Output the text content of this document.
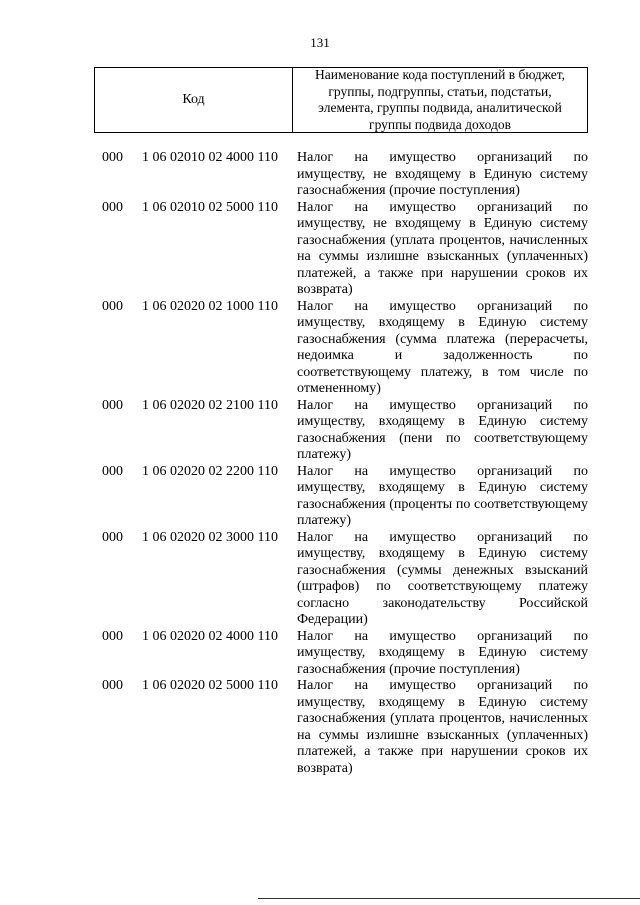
131
Код
Наименование кода поступлений в бюджет, группы, подгруппы, статьи, подстатьи, элемента, группы подвида, аналитической группы подвида доходов
000 1 06 02010 02 4000 110 Налог на имущество организаций по имуществу, не входящему в Единую систему газоснабжения (прочие поступления)
000 1 06 02010 02 5000 110 Налог на имущество организаций по имуществу, не входящему в Единую систему газоснабжения (уплата процентов, начисленных на суммы излишне взысканных (уплаченных) платежей, а также при нарушении сроков их возврата)
000 1 06 02020 02 1000 110 Налог на имущество организаций по имуществу, входящему в Единую систему газоснабжения (сумма платежа (перерасчеты, недоимка и задолженность по соответствующему платежу, в том числе по отмененному)
000 1 06 02020 02 2100 110 Налог на имущество организаций по имуществу, входящему в Единую систему газоснабжения (пени по соответствующему платежу)
000 1 06 02020 02 2200 110 Налог на имущество организаций по имуществу, входящему в Единую систему газоснабжения (проценты по соответствующему платежу)
000 1 06 02020 02 3000 110 Налог на имущество организаций по имуществу, входящему в Единую систему газоснабжения (суммы денежных взысканий (штрафов) по соответствующему платежу согласно законодательству Российской Федерации)
000 1 06 02020 02 4000 110 Налог на имущество организаций по имуществу, входящему в Единую систему газоснабжения (прочие поступления)
000 1 06 02020 02 5000 110 Налог на имущество организаций по имуществу, входящему в Единую систему газоснабжения (уплата процентов, начисленных на суммы излишне взысканных (уплаченных) платежей, а также при нарушении сроков их возврата)
